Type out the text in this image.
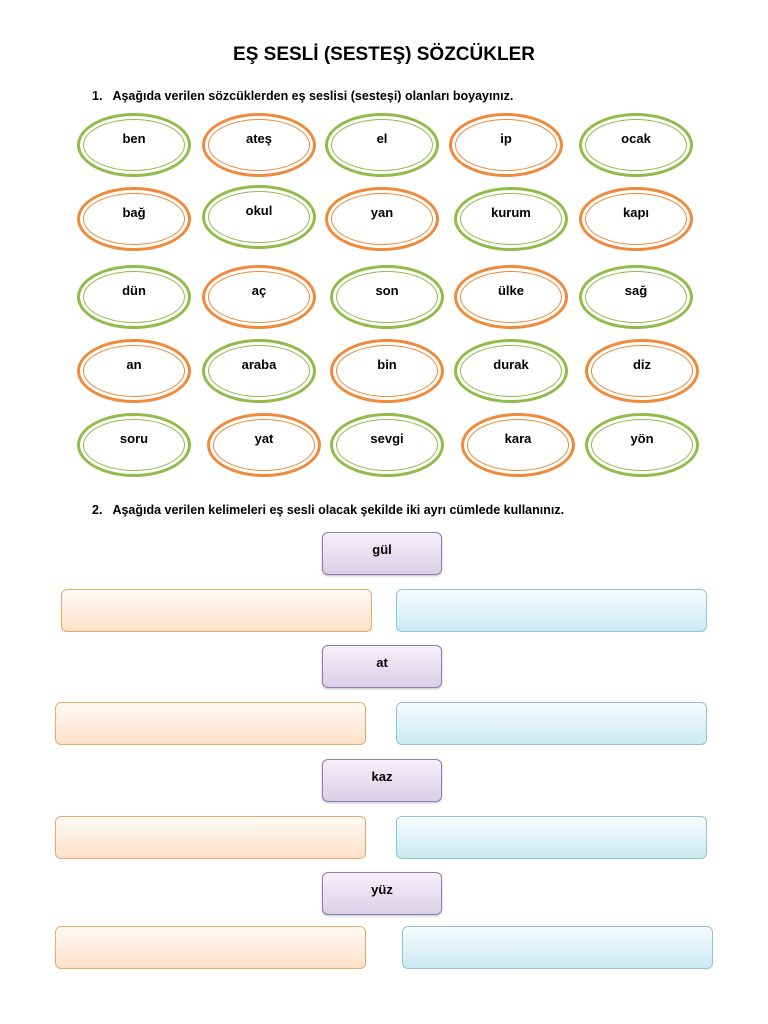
EŞ SESLİ (SESTEŞ) SÖZCÜKLER
1. Aşağıda verilen sözcüklerden eş seslisi (sesteşi) olanları boyayınız.
ben	ateş	el	ip	ocak
bağ	okul	yan	kurum	kapı
dün	aç	son	ülke	sağ
an	araba	bin	durak	diz
soru	yat	sevgi	kara	yön
2. Aşağıda verilen kelimeleri eş sesli olacak şekilde iki ayrı cümlede kullanınız.
gül
at
kaz
yüz
